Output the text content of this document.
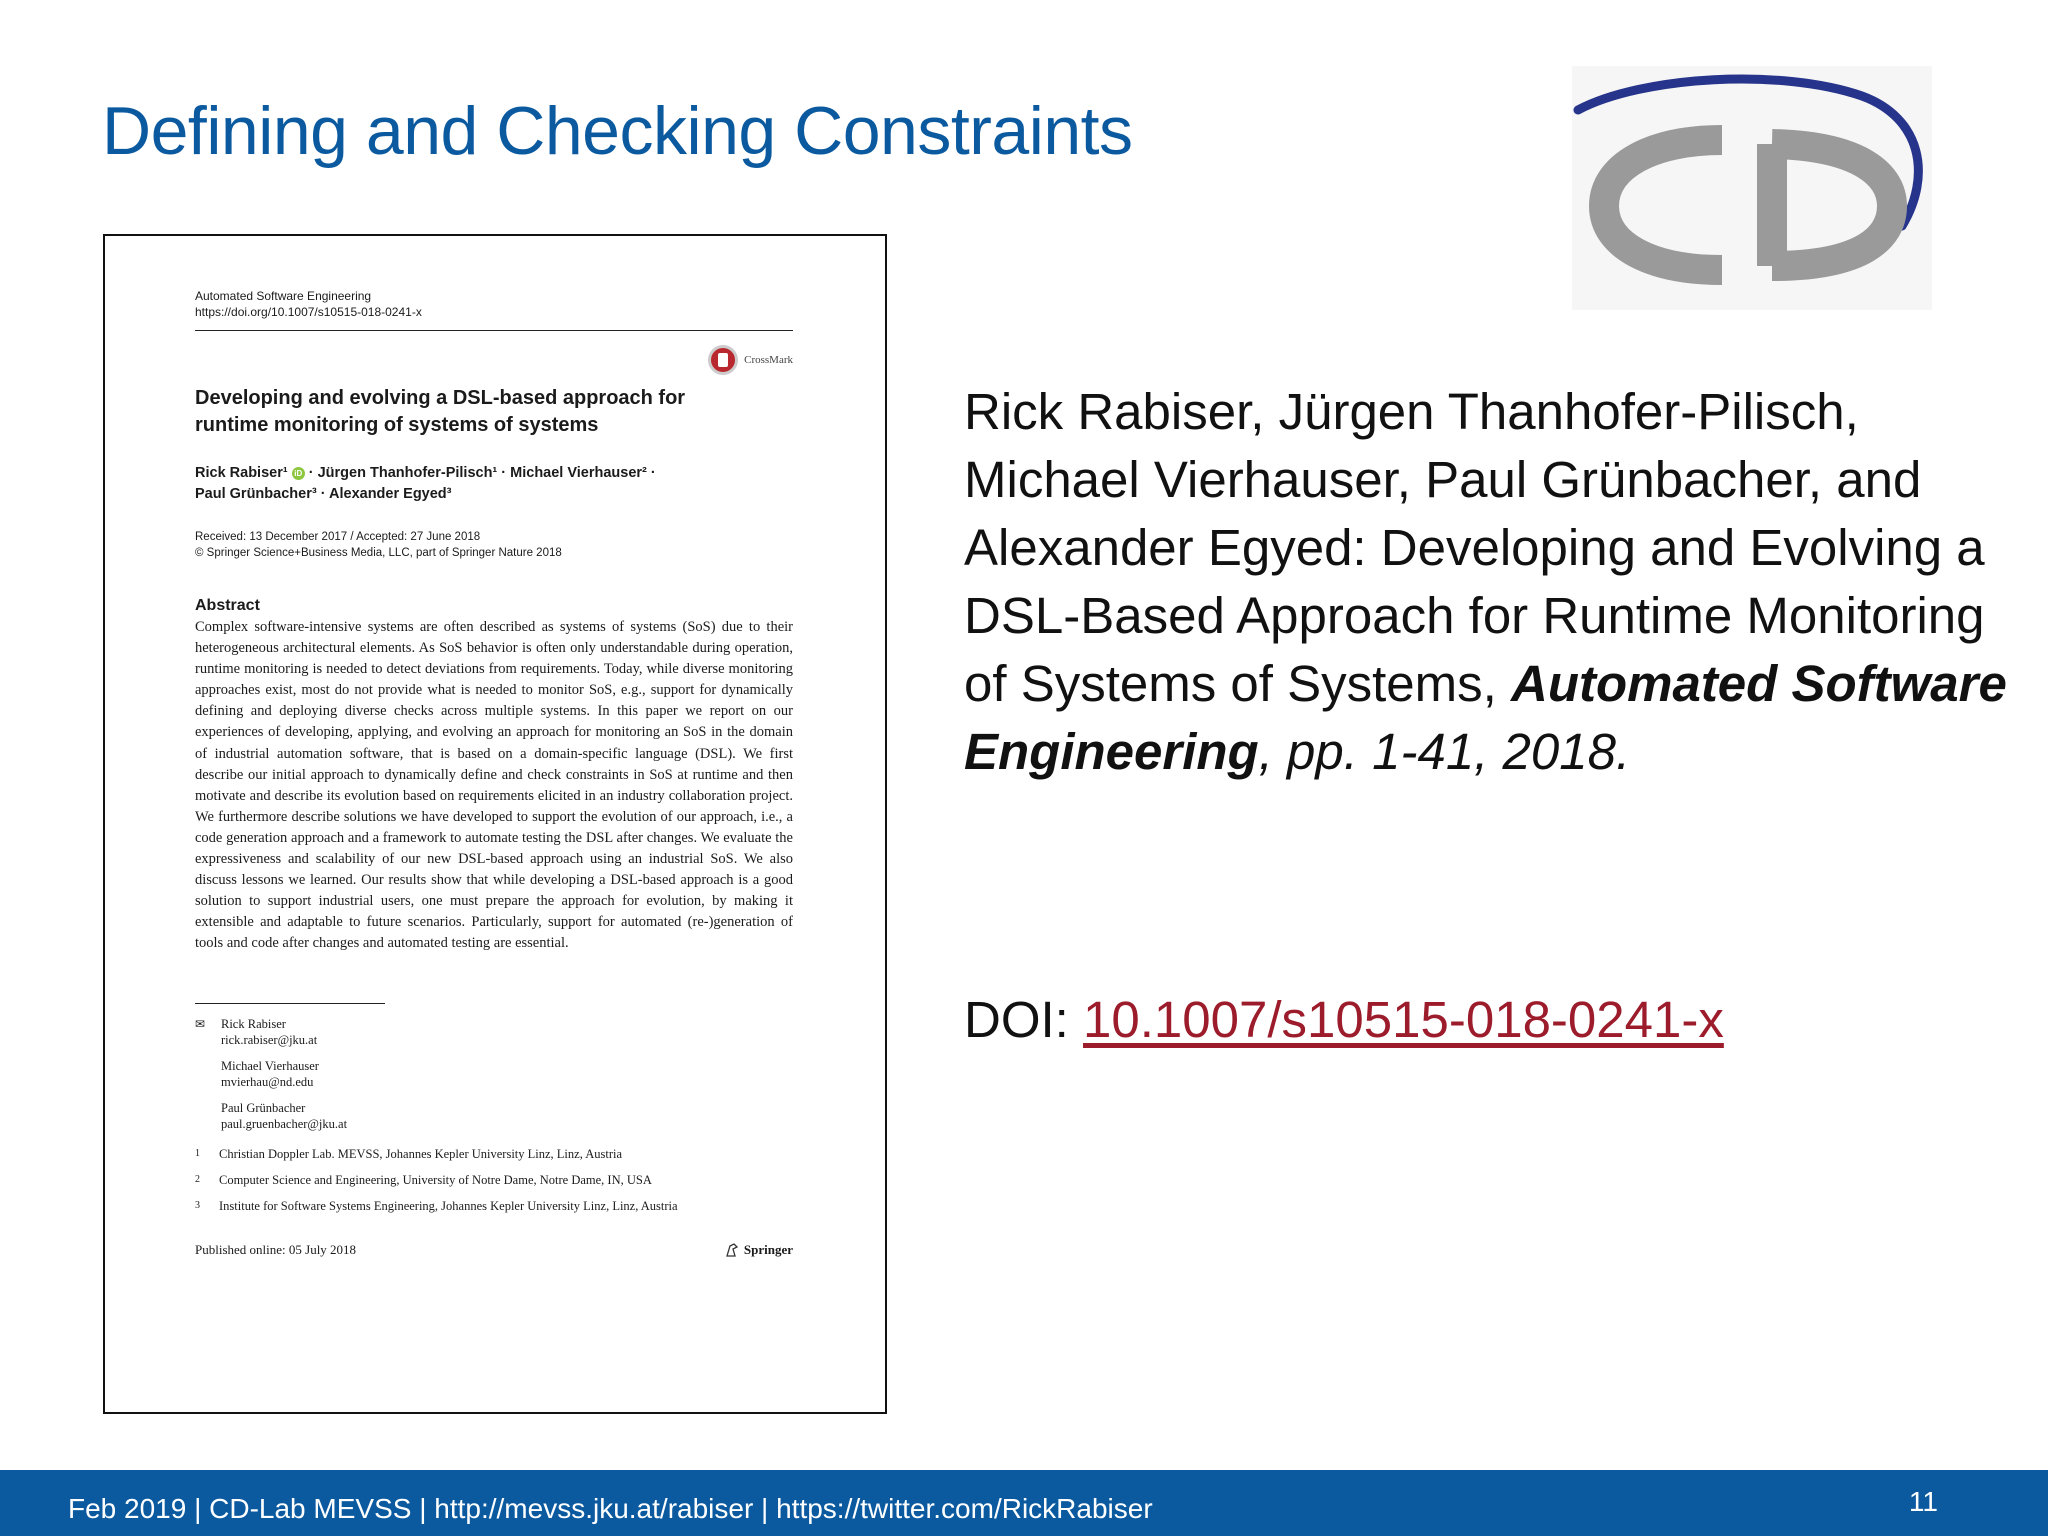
Defining and Checking Constraints
Automated Software Engineering
https://doi.org/10.1007/s10515-018-0241-x
CrossMark
Developing and evolving a DSL-based approach for runtime monitoring of systems of systems
Rick Rabiser¹ iD · Jürgen Thanhofer-Pilisch¹ · Michael Vierhauser² ·
Paul Grünbacher³ · Alexander Egyed³
Received: 13 December 2017 / Accepted: 27 June 2018
© Springer Science+Business Media, LLC, part of Springer Nature 2018
Abstract
Complex software-intensive systems are often described as systems of systems (SoS) due to their heterogeneous architectural elements. As SoS behavior is often only understandable during operation, runtime monitoring is needed to detect deviations from requirements. Today, while diverse monitoring approaches exist, most do not provide what is needed to monitor SoS, e.g., support for dynamically defining and deploying diverse checks across multiple systems. In this paper we report on our experiences of developing, applying, and evolving an approach for monitoring an SoS in the domain of industrial automation software, that is based on a domain-specific language (DSL). We first describe our initial approach to dynamically define and check constraints in SoS at runtime and then motivate and describe its evolution based on requirements elicited in an industry collaboration project. We furthermore describe solutions we have developed to support the evolution of our approach, i.e., a code generation approach and a framework to automate testing the DSL after changes. We evaluate the expressiveness and scalability of our new DSL-based approach using an industrial SoS. We also discuss lessons we learned. Our results show that while developing a DSL-based approach is a good solution to support industrial users, one must prepare the approach for evolution, by making it extensible and adaptable to future scenarios. Particularly, support for automated (re-)generation of tools and code after changes and automated testing are essential.
✉	Rick Rabiser
rick.rabiser@jku.at
Michael Vierhauser
mvierhau@nd.edu
Paul Grünbacher
paul.gruenbacher@jku.at
1	Christian Doppler Lab. MEVSS, Johannes Kepler University Linz, Linz, Austria
2	Computer Science and Engineering, University of Notre Dame, Notre Dame, IN, USA
3	Institute for Software Systems Engineering, Johannes Kepler University Linz, Linz, Austria
Published online: 05 July 2018	Springer
Rick Rabiser, Jürgen Thanhofer-Pilisch, Michael Vierhauser, Paul Grünbacher, and Alexander Egyed: Developing and Evolving a DSL-Based Approach for Runtime Monitoring of Systems of Systems, Automated Software Engineering, pp. 1-41, 2018.
DOI: 10.1007/s10515-018-0241-x
Feb 2019 | CD-Lab MEVSS | http://mevss.jku.at/rabiser | https://twitter.com/RickRabiser	11
